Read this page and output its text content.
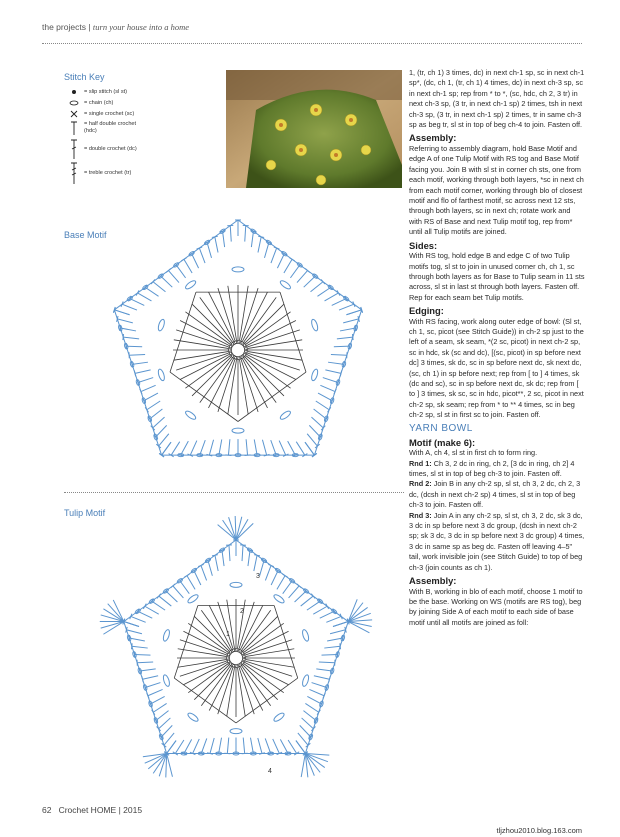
the projects | turn your house into a home
Stitch Key
= slip stitch (sl st)
= chain (ch)
= single crochet (sc)
= half double crochet (hdc)
= double crochet (dc)
= treble crochet (tr)
Base Motif
Tulip Motif
3
2
1
4

1, (tr, ch 1) 3 times, dc) in next ch-1 sp, sc in next ch-1 sp*, (dc, ch 1, (tr, ch 1) 4 times, dc) in next ch-3 sp, sc in next ch-1 sp; rep from * to *, (sc, hdc, ch 2, 3 tr) in next ch-3 sp, (3 tr, in next ch-1 sp) 2 times, tsh in next ch-3 sp, (3 tr, in next ch-1 sp) 2 times, tr in same ch-3 sp as beg tr, sl st in top of beg ch-4 to join. Fasten off.

Assembly:

Referring to assembly diagram, hold Base Motif and edge A of one Tulip Motif with RS tog and Base Motif facing you. Join B with sl st in corner ch sts, one from each motif, working through both layers, *sc in next ch from each motif corner, working through blo of closest motif and flo of farthest motif, sc across next 12 sts, through both layers, sc in next ch; rotate work and with RS of Base and next Tulip motif tog, rep from* until all Tulip motifs are joined.

Sides:

With RS tog, hold edge B and edge C of two Tulip motifs tog, sl st to join in unused corner ch, ch 1, sc through both layers as for Base to Tulip seam in 11 sts across, sl st in last st through both layers. Fasten off. Rep for each seam bet Tulip motifs.

Edging:

With RS facing, work along outer edge of bowl: (Sl st, ch 1, sc, picot (see Stitch Guide)) in ch-2 sp just to the left of a seam, sk seam, *(2 sc, picot) in next ch-2 sp, sc in hdc, sk (sc and dc), [(sc, picot) in sp before next dc] 3 times, sk dc, sc in sp before next dc, sk next dc, (sc, ch 1) in sp before next; rep from [ to ] 4 times, sk (dc and sc), sc in sp before next dc, sk dc; rep from [ to ] 3 times, sk sc, sc in hdc, picot**, 2 sc, picot in next ch-2 sp, sk seam; rep from * to ** 4 times, sc in beg ch-2 sp, sl st in first sc to join. Fasten off.

YARN BOWL
Motif (make 6):

With A, ch 4, sl st in first ch to form ring.

Rnd 1: Ch 3, 2 dc in ring, ch 2, [3 dc in ring, ch 2] 4 times, sl st in top of beg ch-3 to join. Fasten off.

Rnd 2: Join B in any ch-2 sp, sl st, ch 3, 2 dc, ch 2, 3 dc, (dcsh in next ch-2 sp) 4 times, sl st in top of beg ch-3 to join. Fasten off.

Rnd 3: Join A in any ch-2 sp, sl st, ch 3, 2 dc, sk 3 dc, 3 dc in sp before next 3 dc group, (dcsh in next ch-2 sp; sk 3 dc, 3 dc in sp before next 3 dc group) 4 times, 3 dc in same sp as beg dc. Fasten off leaving 4–5" tail, work invisible join (see Stitch Guide) to top of beg ch-3 (join counts as ch 1).

Assembly:

With B, working in blo of each motif, choose 1 motif to be the base. Working on WS (motifs are RS tog), beg by joining Side A of each motif to each side of base motif until all motifs are joined as foll:

62 Crochet HOME | 2015
tljzhou2010.blog.163.com
